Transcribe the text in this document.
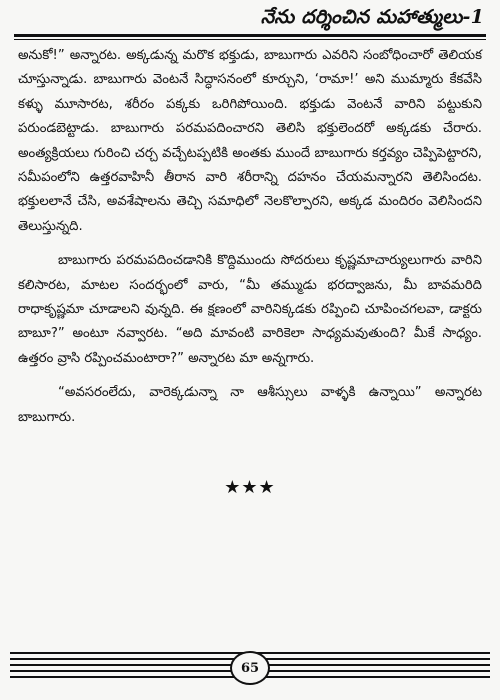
నేను దర్శించిన మహాత్ములు-1

అనుకో!” అన్నారట. అక్కడున్న మరొక భక్తుడు, బాబుగారు ఎవరిని సంబోధించారో తెలియక చూస్తున్నాడు. బాబుగారు వెంటనే సిద్ధాసనంలో కూర్చుని, ‘రామా!’ అని ముమ్మారు కేకవేసి కళ్ళు మూసారట, శరీరం పక్కకు ఒరిగిపోయింది. భక్తుడు వెంటనే వారిని పట్టుకుని పరుండబెట్టాడు. బాబుగారు పరమపదించారని తెలిసి భక్తులెందరో అక్కడకు చేరారు. అంత్యక్రియలు గురించి చర్చ వచ్చేటప్పటికి అంతకు ముందే బాబుగారు కర్తవ్యం చెప్పిపెట్టారని, సమీపంలోని ఉత్తరవాహినీ తీరాన వారి శరీరాన్ని దహనం చేయమన్నారని తెలిసిందట. భక్తులలానే చేసి, అవశేషాలను తెచ్చి సమాధిలో నెలకొల్పారని, అక్కడ మందిరం వెలిసిందని తెలుస్తున్నది.

బాబుగారు పరమపదించడానికి కొద్దిముందు సోదరులు కృష్ణమాచార్యులుగారు వారిని కలిసారట, మాటల సందర్భంలో వారు, “మీ తమ్ముడు భరద్వాజను, మీ బావమరిది రాధాకృష్ణమా చూడాలని వున్నది. ఈ క్షణంలో వారినిక్కడకు రప్పించి చూపించగలవా, డాక్టరు బాబూ?” అంటూ నవ్వారట. “అది మావంటి వారికెలా సాధ్యమవుతుంది? మీకే సాధ్యం. ఉత్తరం వ్రాసి రప్పించమంటారా?” అన్నారట మా అన్నగారు.

“అవసరంలేదు, వారెక్కడున్నా నా ఆశీస్సులు వాళ్ళకి ఉన్నాయి” అన్నారట బాబుగారు.

★★★
65
